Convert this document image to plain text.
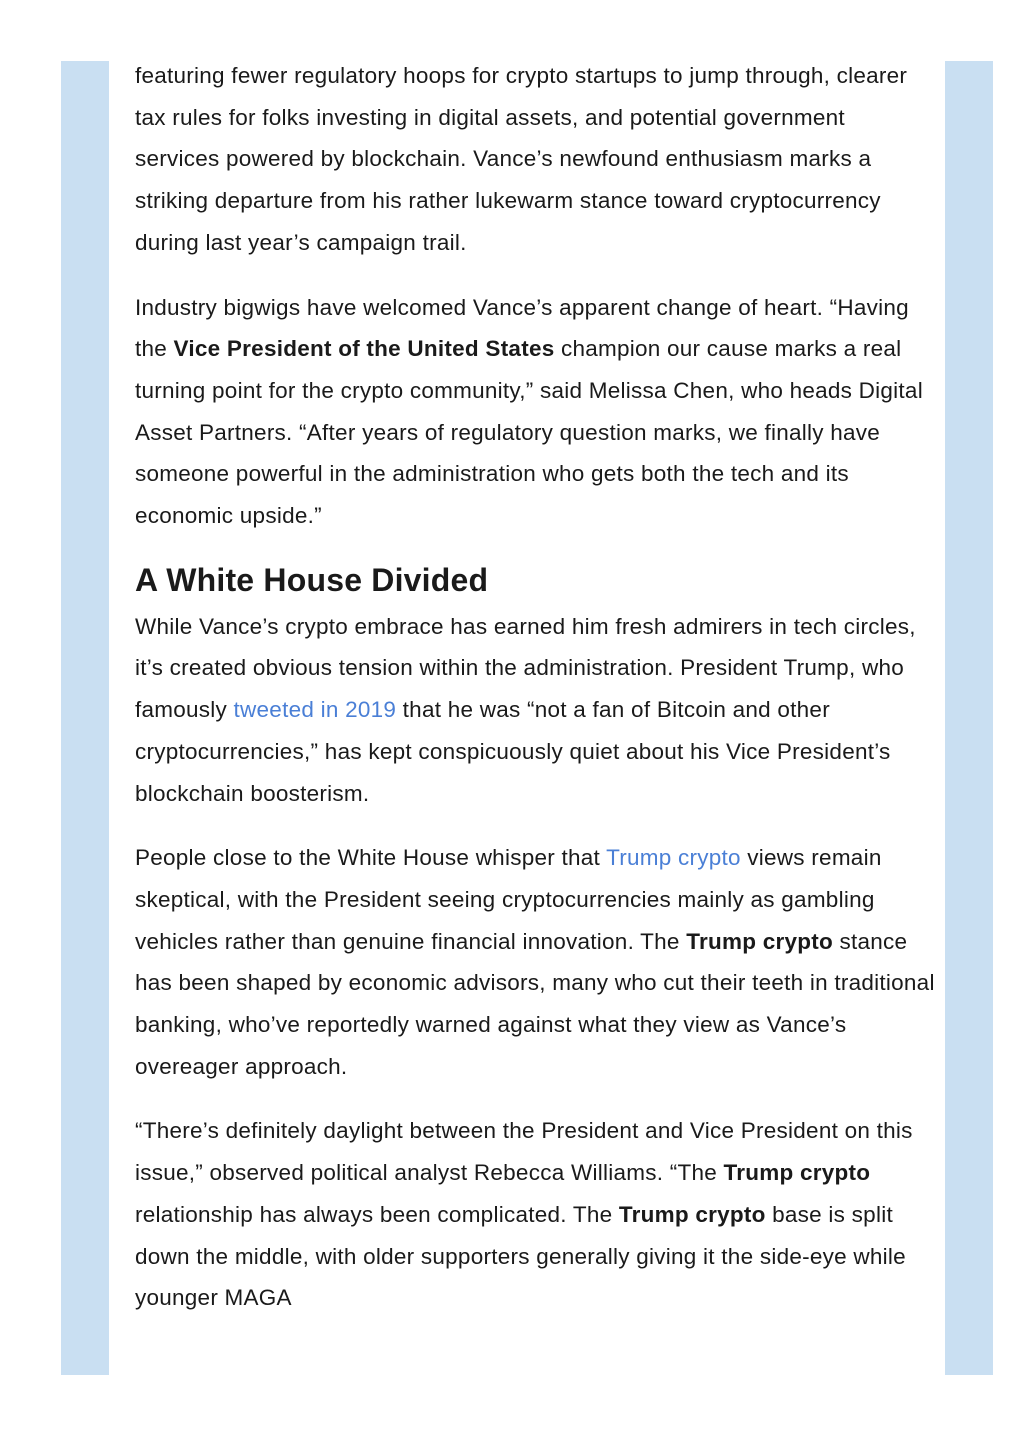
featuring fewer regulatory hoops for crypto startups to jump through, clearer tax rules for folks investing in digital assets, and potential government services powered by blockchain. Vance’s newfound enthusiasm marks a striking departure from his rather lukewarm stance toward cryptocurrency during last year’s campaign trail.

Industry bigwigs have welcomed Vance’s apparent change of heart. “Having the Vice President of the United States champion our cause marks a real turning point for the crypto community,” said Melissa Chen, who heads Digital Asset Partners. “After years of regulatory question marks, we finally have someone powerful in the administration who gets both the tech and its economic upside.”

A White House Divided

While Vance’s crypto embrace has earned him fresh admirers in tech circles, it’s created obvious tension within the administration. President Trump, who famously tweeted in 2019 that he was “not a fan of Bitcoin and other cryptocurrencies,” has kept conspicuously quiet about his Vice President’s blockchain boosterism.

People close to the White House whisper that Trump crypto views remain skeptical, with the President seeing cryptocurrencies mainly as gambling vehicles rather than genuine financial innovation. The Trump crypto stance has been shaped by economic advisors, many who cut their teeth in traditional banking, who’ve reportedly warned against what they view as Vance’s overeager approach.

“There’s definitely daylight between the President and Vice President on this issue,” observed political analyst Rebecca Williams. “The Trump crypto relationship has always been complicated. The Trump crypto base is split down the middle, with older supporters generally giving it the side-eye while younger MAGA
